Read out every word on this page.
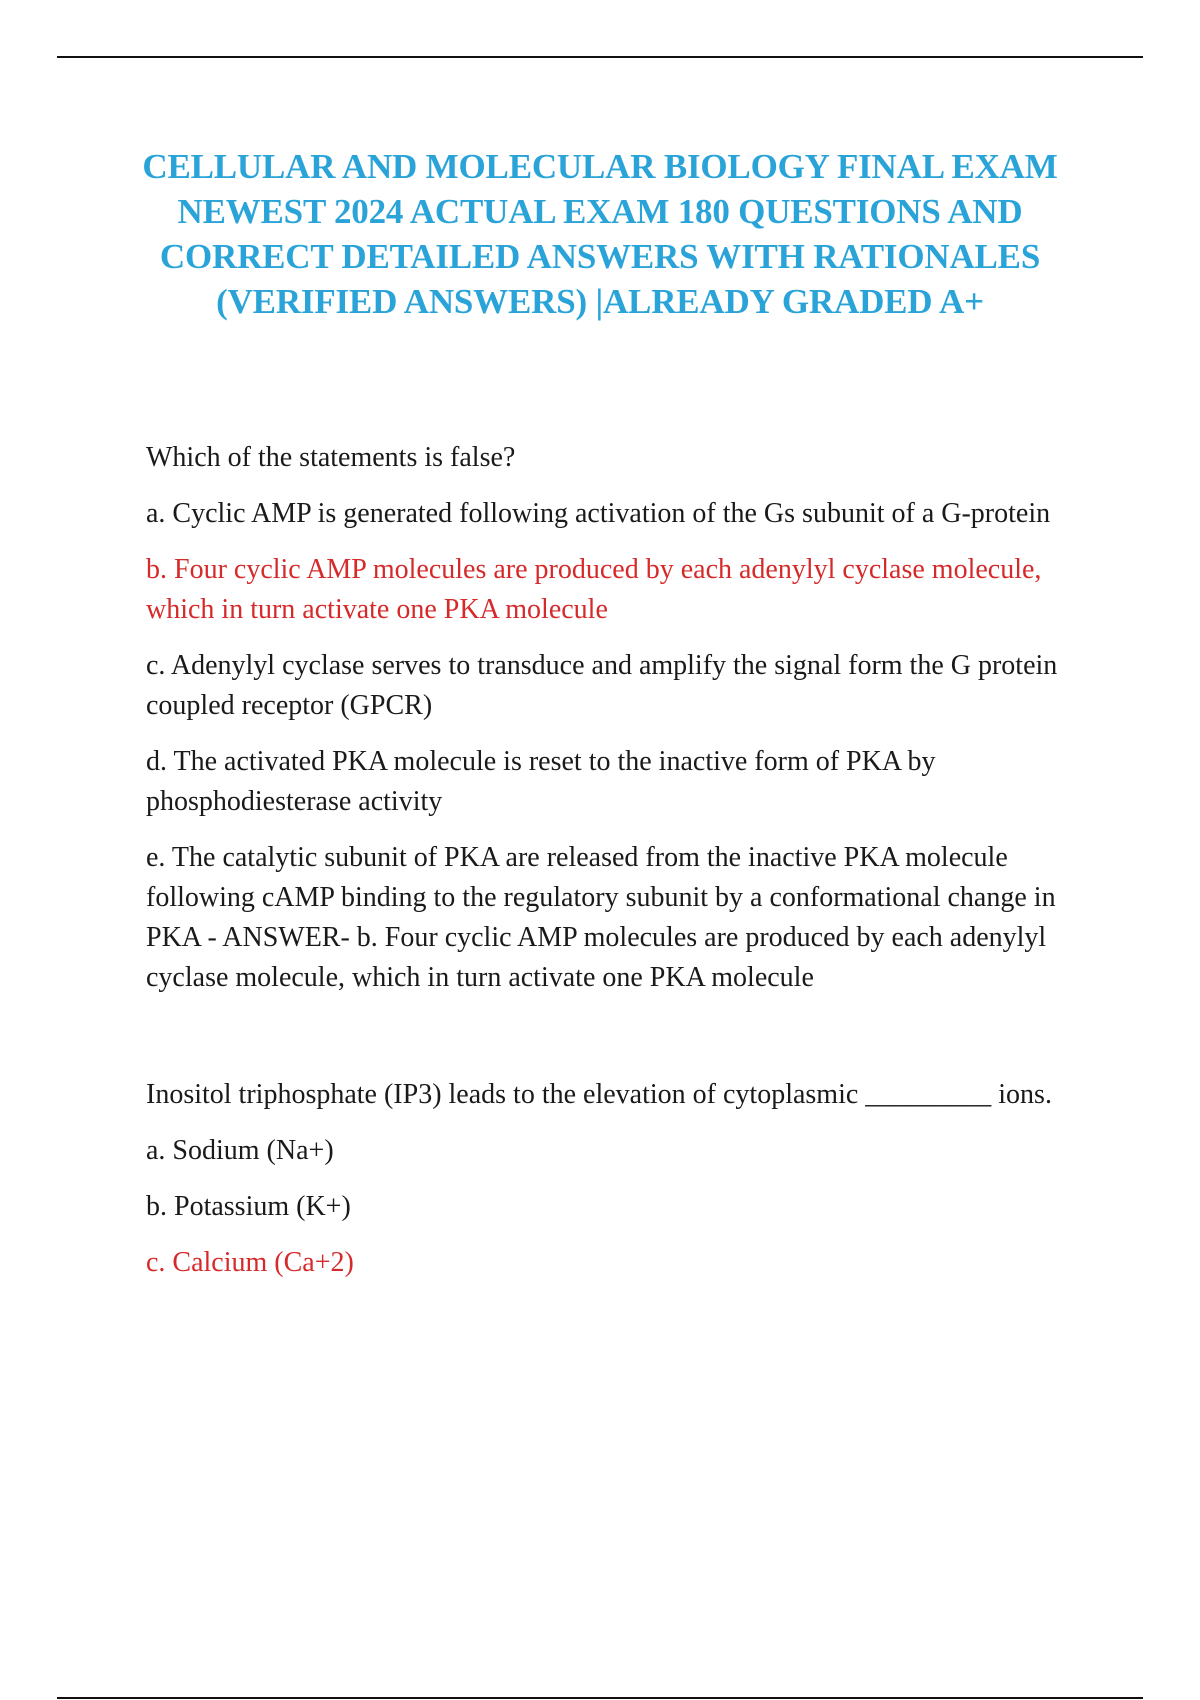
CELLULAR AND MOLECULAR BIOLOGY FINAL EXAM NEWEST 2024 ACTUAL EXAM 180 QUESTIONS AND CORRECT DETAILED ANSWERS WITH RATIONALES (VERIFIED ANSWERS) |ALREADY GRADED A+

Which of the statements is false?

a. Cyclic AMP is generated following activation of the Gs subunit of a G-protein

b. Four cyclic AMP molecules are produced by each adenylyl cyclase molecule, which in turn activate one PKA molecule

c. Adenylyl cyclase serves to transduce and amplify the signal form the G protein coupled receptor (GPCR)

d. The activated PKA molecule is reset to the inactive form of PKA by phosphodiesterase activity

e. The catalytic subunit of PKA are released from the inactive PKA molecule following cAMP binding to the regulatory subunit by a conformational change in PKA - ANSWER- b. Four cyclic AMP molecules are produced by each adenylyl cyclase molecule, which in turn activate one PKA molecule

Inositol triphosphate (IP3) leads to the elevation of cytoplasmic _________ ions.

a. Sodium (Na+)

b. Potassium (K+)

c. Calcium (Ca+2)
